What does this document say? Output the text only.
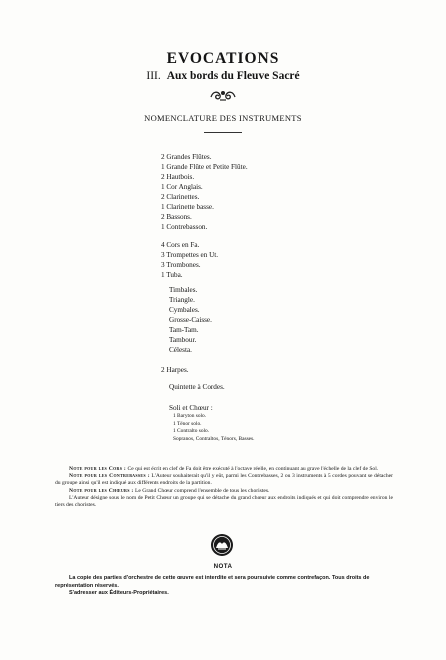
EVOCATIONS
III. Aux bords du Fleuve Sacré
NOMENCLATURE DES INSTRUMENTS
2 Grandes Flûtes.
1 Grande Flûte et Petite Flûte.
2 Hautbois.
1 Cor Anglais.
2 Clarinettes.
1 Clarinette basse.
2 Bassons.
1 Contrebasson.
4 Cors en Fa.
3 Trompettes en Ut.
3 Trombones.
1 Tuba.
Timbales.
Triangle.
Cymbales.
Grosse-Caisse.
Tam-Tam.
Tambour.
Célesta.
2 Harpes.
Quintette à Cordes.
Soli et Chœur :
1 Baryton solo.
1 Ténor solo.
1 Contralto solo.
Sopranos, Contraltos, Ténors, Basses.

Note pour les Cors : Ce qui est écrit en clef de Fa doit être exécuté à l'octave réelle, en continuant au grave l'échelle de la clef de Sol.

Note pour les Contrebasses : L'Auteur souhaiterait qu'il y eût, parmi les Contrebasses, 2 ou 3 instruments à 5 cordes pouvant se détacher du groupe ainsi qu'il est indiqué aux différents endroits de la partition.

Note pour les Chœurs : Le Grand Chœur comprend l'ensemble de tous les choristes.

L'Auteur désigne sous le nom de Petit Chœur un groupe qui se détache du grand chœur aux endroits indiqués et qui doit comprendre environ le tiers des choristes.

NOTA

La copie des parties d'orchestre de cette œuvre est interdite et sera poursuivie comme contrefaçon. Tous droits de représentation réservés.

S'adresser aux Éditeurs-Propriétaires.
